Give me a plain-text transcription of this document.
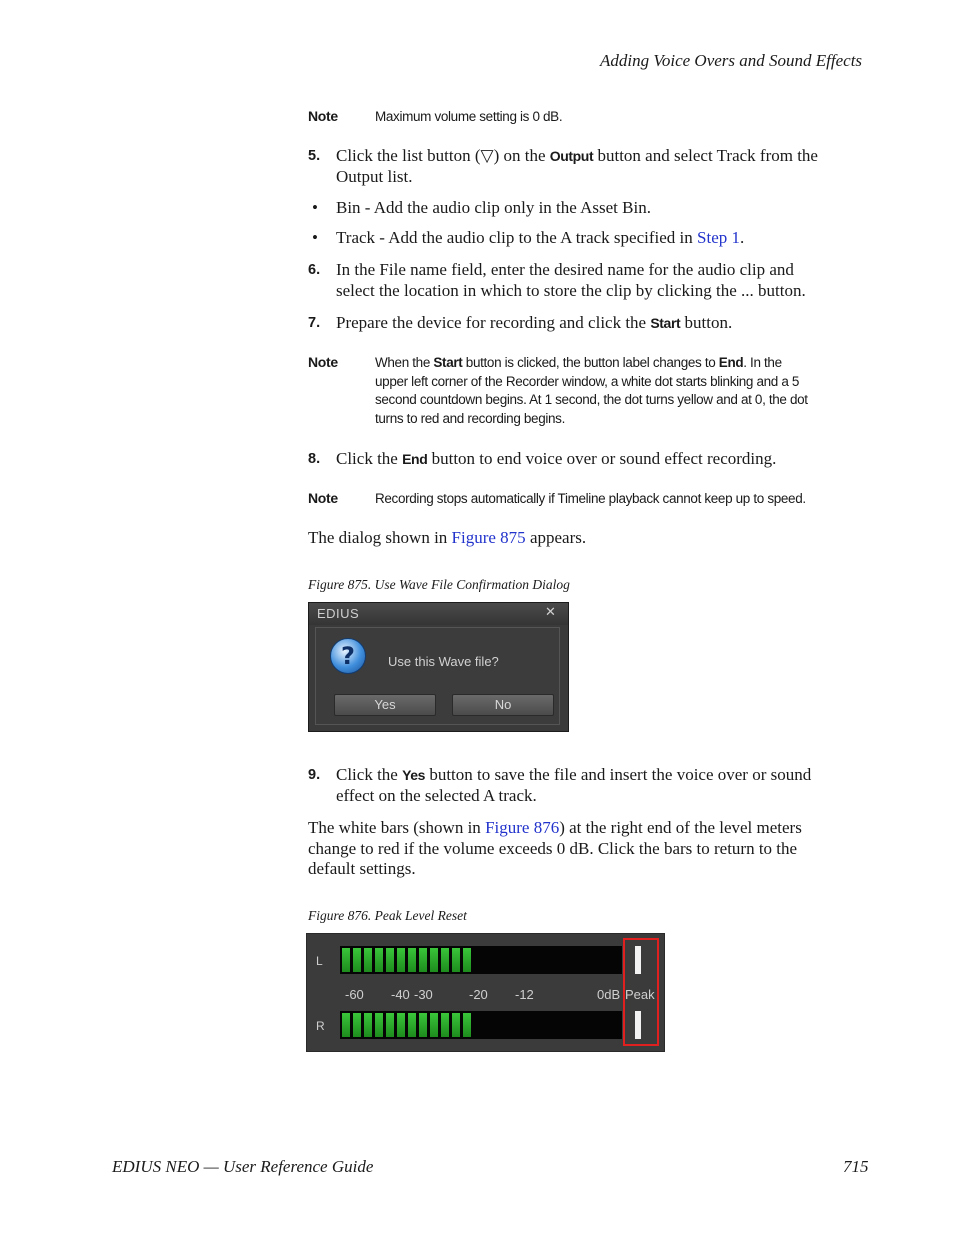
Adding Voice Overs and Sound Effects
Note	Maximum volume setting is 0 dB.
5. Click the list button (▽) on the Output button and select Track from the
Output list.
• Bin - Add the audio clip only in the Asset Bin.
• Track - Add the audio clip to the A track specified in Step 1.
6. In the File name field, enter the desired name for the audio clip and
select the location in which to store the clip by clicking the ... button.
7. Prepare the device for recording and click the Start button.
Note	When the Start button is clicked, the button label changes to End. In the
upper left corner of the Recorder window, a white dot starts blinking and a 5
second countdown begins. At 1 second, the dot turns yellow and at 0, the dot
turns to red and recording begins.
8. Click the End button to end voice over or sound effect recording.
Note	Recording stops automatically if Timeline playback cannot keep up to speed.
The dialog shown in Figure 875 appears.
Figure 875. Use Wave File Confirmation Dialog
EDIUS	✕
?	Use this Wave file?
Yes	No
9. Click the Yes button to save the file and insert the voice over or sound
effect on the selected A track.
The white bars (shown in Figure 876) at the right end of the level meters
change to red if the volume exceeds 0 dB. Click the bars to return to the
default settings.
Figure 876. Peak Level Reset
L
-60 -40 -30	-20 -12	0dB Peak
R
EDIUS NEO — User Reference Guide	715
